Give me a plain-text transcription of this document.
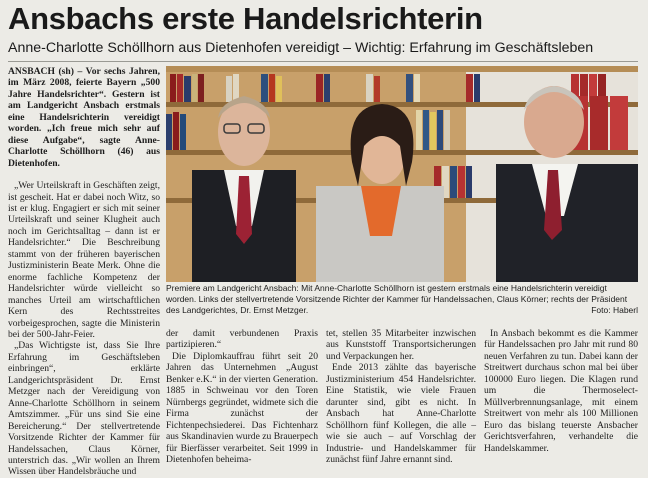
Ansbachs erste Handelsrichterin
Anne-Charlotte Schöllhorn aus Dietenhofen vereidigt – Wichtig: Erfahrung im Geschäftsleben

ANSBACH (sh) – Vor sechs Jahren, im März 2008, feierte Bayern „500 Jahre Handelsrichter“. Gestern ist am Landgericht Ansbach erstmals eine Handelsrichterin vereidigt worden. „Ich freue mich sehr auf diese Aufgabe“, sagte Anne-Charlotte Schöllhorn (46) aus Dietenhofen.

„Wer Urteilskraft in Geschäften zeigt, ist gescheit. Hat er dabei noch Witz, so ist er klug. Engagiert er sich mit seiner Urteilskraft und seiner Klugheit auch noch im Gerichtsalltag – dann ist er Handelsrichter.“ Die Beschreibung stammt von der früheren bayerischen Justizministerin Beate Merk. Ohne die enorme fachliche Kompetenz der Handelsrichter würde vielleicht so manches Urteil am wirtschaftlichen Kern des Rechtsstreites vorbeigesprochen, sagte die Ministerin bei der 500-Jahr-Feier.

„Das Wichtigste ist, dass Sie Ihre Erfahrung im Geschäftsleben einbringen“, erklärte Landgerichtspräsident Dr. Ernst Metzger nach der Vereidigung von Anne-Charlotte Schöllhorn in seinem Amtszimmer. „Für uns sind Sie eine Bereicherung.“ Der stellvertretende Vorsitzende Richter der Kammer für Handelssachen, Claus Körner, unterstrich das. „Wir wollen an Ihrem Wissen über Handelsbräuche und

Premiere am Landgericht Ansbach: Mit Anne-Charlotte Schöllhorn ist gestern erstmals eine Handelsrichterin vereidigt worden. Links der stellvertretende Vorsitzende Richter der Kammer für Handelssachen, Claus Körner; rechts der Präsident des Landgerichtes, Dr. Ernst Metzger.	Foto: Haberl

der damit verbundenen Praxis partizipieren.“

Die Diplomkauffrau führt seit 20 Jahren das Unternehmen „August Benker e.K.“ in der vierten Generation. 1885 in Schweinau vor den Toren Nürnbergs gegründet, widmete sich die Firma zunächst der Fichtenpechsiederei. Das Fichtenharz aus Skandinavien wurde zu Brauerpech für Bierfässer verarbeitet. Seit 1999 in Dietenhofen beheima-

tet, stellen 35 Mitarbeiter inzwischen aus Kunststoff Transportsicherungen und Verpackungen her.

Ende 2013 zählte das bayerische Justizministerium 454 Handelsrichter. Eine Statistik, wie viele Frauen darunter sind, gibt es nicht. In Ansbach hat Anne-Charlotte Schöllhorn fünf Kollegen, die alle – wie sie auch – auf Vorschlag der Industrie- und Handelskammer für zunächst fünf Jahre ernannt sind.

In Ansbach bekommt es die Kammer für Handelssachen pro Jahr mit rund 80 neuen Verfahren zu tun. Dabei kann der Streitwert durchaus schon mal bei über 100000 Euro liegen. Die Klagen rund um die Thermoselect-Müllverbrennungsanlage, mit einem Streitwert von mehr als 100 Millionen Euro das bislang teuerste Ansbacher Gerichtsverfahren, verhandelte die Handelskammer.
